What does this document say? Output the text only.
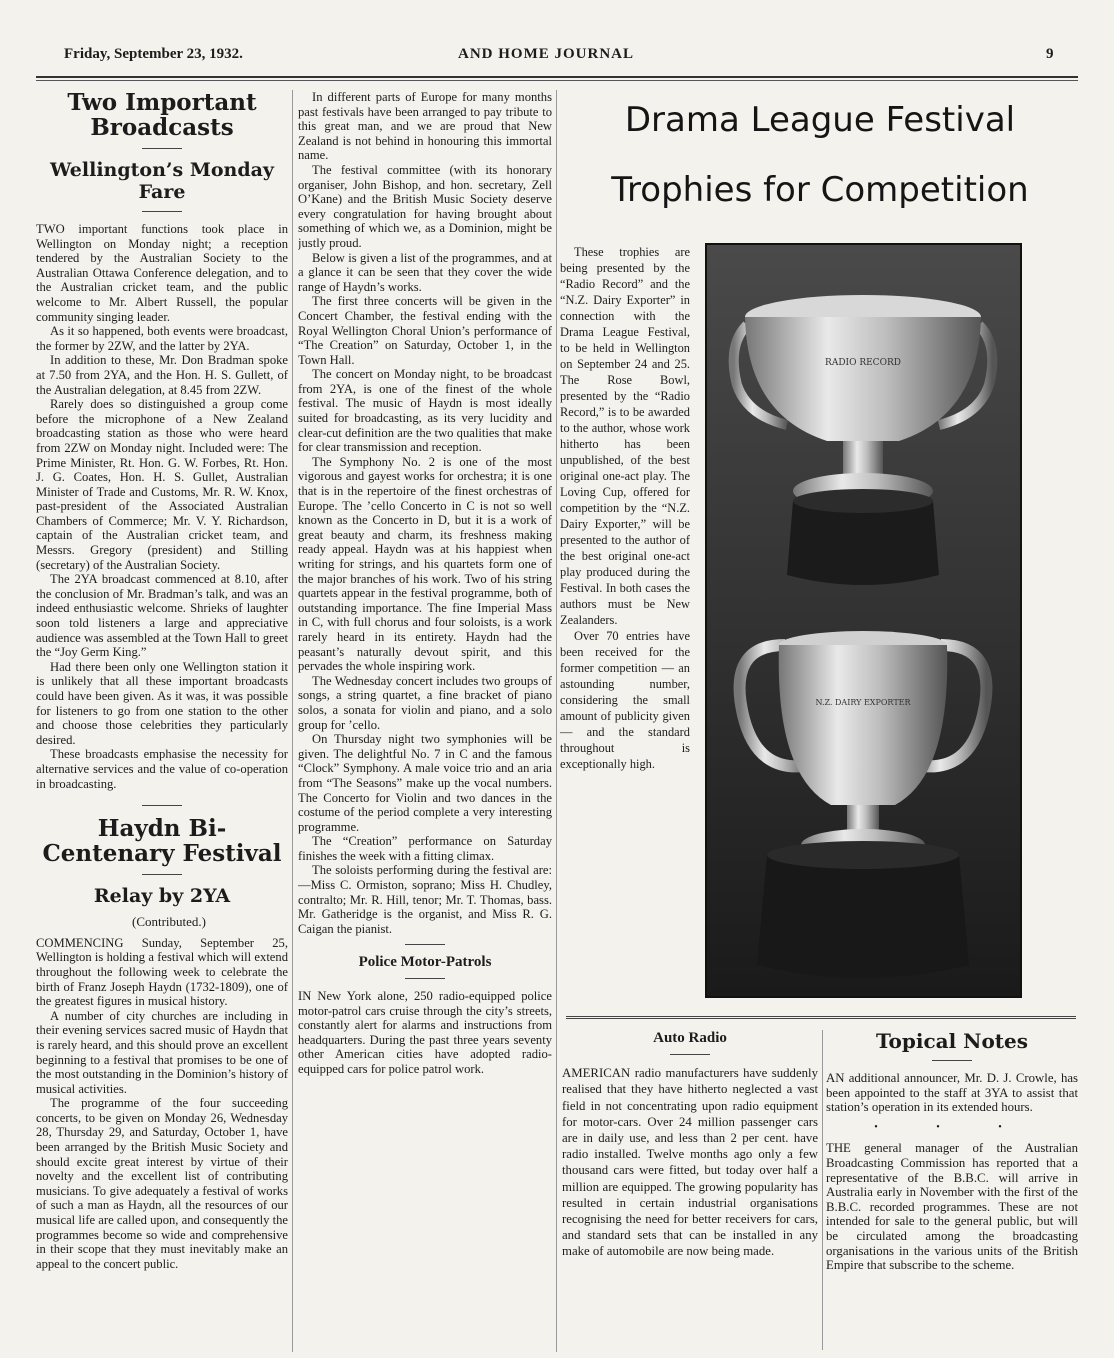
Friday, September 23, 1932.	AND HOME JOURNAL	9
Two Important Broadcasts
Wellington’s Monday Fare

TWO important functions took place in Wellington on Monday night; a reception tendered by the Australian Society to the Australian Ottawa Conference delegation, and to the Australian cricket team, and the public welcome to Mr. Albert Russell, the popular community singing leader.

As it so happened, both events were broadcast, the former by 2ZW, and the latter by 2YA.

In addition to these, Mr. Don Bradman spoke at 7.50 from 2YA, and the Hon. H. S. Gullett, of the Australian delegation, at 8.45 from 2ZW.

Rarely does so distinguished a group come before the microphone of a New Zealand broadcasting station as those who were heard from 2ZW on Monday night. Included were: The Prime Minister, Rt. Hon. G. W. Forbes, Rt. Hon. J. G. Coates, Hon. H. S. Gullet, Australian Minister of Trade and Customs, Mr. R. W. Knox, past-president of the Associated Australian Chambers of Commerce; Mr. V. Y. Richardson, captain of the Australian cricket team, and Messrs. Gregory (president) and Stilling (secretary) of the Australian Society.

The 2YA broadcast commenced at 8.10, after the conclusion of Mr. Bradman’s talk, and was an indeed enthusiastic welcome. Shrieks of laughter soon told listeners a large and appreciative audience was assembled at the Town Hall to greet the “Joy Germ King.”

Had there been only one Wellington station it is unlikely that all these important broadcasts could have been given. As it was, it was possible for listeners to go from one station to the other and choose those celebrities they particularly desired.

These broadcasts emphasise the necessity for alternative services and the value of co-operation in broadcasting.

Haydn Bi-Centenary Festival
Relay by 2YA

(Contributed.)

COMMENCING Sunday, September 25, Wellington is holding a festival which will extend throughout the following week to celebrate the birth of Franz Joseph Haydn (1732-1809), one of the greatest figures in musical history.

A number of city churches are including in their evening services sacred music of Haydn that is rarely heard, and this should prove an excellent beginning to a festival that promises to be one of the most outstanding in the Dominion’s history of musical activities.

The programme of the four succeeding concerts, to be given on Monday 26, Wednesday 28, Thursday 29, and Saturday, October 1, have been arranged by the British Music Society and should excite great interest by virtue of their novelty and the excellent list of contributing musicians. To give adequately a festival of works of such a man as Haydn, all the resources of our musical life are called upon, and consequently the programmes become so wide and comprehensive in their scope that they must inevitably make an appeal to the concert public.

In different parts of Europe for many months past festivals have been arranged to pay tribute to this great man, and we are proud that New Zealand is not behind in honouring this immortal name.

The festival committee (with its honorary organiser, John Bishop, and hon. secretary, Zell O’Kane) and the British Music Society deserve every congratulation for having brought about something of which we, as a Dominion, might be justly proud.

Below is given a list of the programmes, and at a glance it can be seen that they cover the wide range of Haydn’s works.

The first three concerts will be given in the Concert Chamber, the festival ending with the Royal Wellington Choral Union’s performance of “The Creation” on Saturday, October 1, in the Town Hall.

The concert on Monday night, to be broadcast from 2YA, is one of the finest of the whole festival. The music of Haydn is most ideally suited for broadcasting, as its very lucidity and clear-cut definition are the two qualities that make for clear transmission and reception.

The Symphony No. 2 is one of the most vigorous and gayest works for orchestra; it is one that is in the repertoire of the finest orchestras of Europe. The ’cello Concerto in C is not so well known as the Concerto in D, but it is a work of great beauty and charm, its freshness making ready appeal. Haydn was at his happiest when writing for strings, and his quartets form one of the major branches of his work. Two of his string quartets appear in the festival programme, both of outstanding importance. The fine Imperial Mass in C, with full chorus and four soloists, is a work rarely heard in its entirety. Haydn had the peasant’s naturally devout spirit, and this pervades the whole inspiring work.

The Wednesday concert includes two groups of songs, a string quartet, a fine bracket of piano solos, a sonata for violin and piano, and a solo group for ’cello.

On Thursday night two symphonies will be given. The delightful No. 7 in C and the famous “Clock” Symphony. A male voice trio and an aria from “The Seasons” make up the vocal numbers. The Concerto for Violin and two dances in the costume of the period complete a very interesting programme.

The “Creation” performance on Saturday finishes the week with a fitting climax.

The soloists performing during the festival are:—Miss C. Ormiston, soprano; Miss H. Chudley, contralto; Mr. R. Hill, tenor; Mr. T. Thomas, bass. Mr. Gatheridge is the organist, and Miss R. G. Caigan the pianist.

Police Motor-Patrols

IN New York alone, 250 radio-equipped police motor-patrol cars cruise through the city’s streets, constantly alert for alarms and instructions from headquarters. During the past three years seventy other American cities have adopted radio-equipped cars for police patrol work.

Drama League Festival
Trophies for Competition

These trophies are being presented by the “Radio Record” and the “N.Z. Dairy Exporter” in connection with the Drama League Festival, to be held in Wellington on September 24 and 25. The Rose Bowl, presented by the “Radio Record,” is to be awarded to the author, whose work hitherto has been unpublished, of the best original one-act play. The Loving Cup, offered for competition by the “N.Z. Dairy Exporter,” will be presented to the author of the best original one-act play produced during the Festival. In both cases the authors must be New Zealanders.

Over 70 entries have been received for the former competition — an astounding number, considering the small amount of publicity given — and the standard throughout is exceptionally high.

RADIO RECORD
N.Z. DAIRY EXPORTER
Auto Radio

AMERICAN radio manufacturers have suddenly realised that they have hitherto neglected a vast field in not concentrating upon radio equipment for motor-cars. Over 24 million passenger cars are in daily use, and less than 2 per cent. have radio installed. Twelve months ago only a few thousand cars were fitted, but today over half a million are equipped. The growing popularity has resulted in certain industrial organisations recognising the need for better receivers for cars, and standard sets that can be installed in any make of automobile are now being made.

Topical Notes

AN additional announcer, Mr. D. J. Crowle, has been appointed to the staff at 3YA to assist that station’s operation in its extended hours.

• • •

THE general manager of the Australian Broadcasting Commission has reported that a representative of the B.B.C. will arrive in Australia early in November with the first of the B.B.C. recorded programmes. These are not intended for sale to the general public, but will be circulated among the broadcasting organisations in the various units of the British Empire that subscribe to the scheme.
